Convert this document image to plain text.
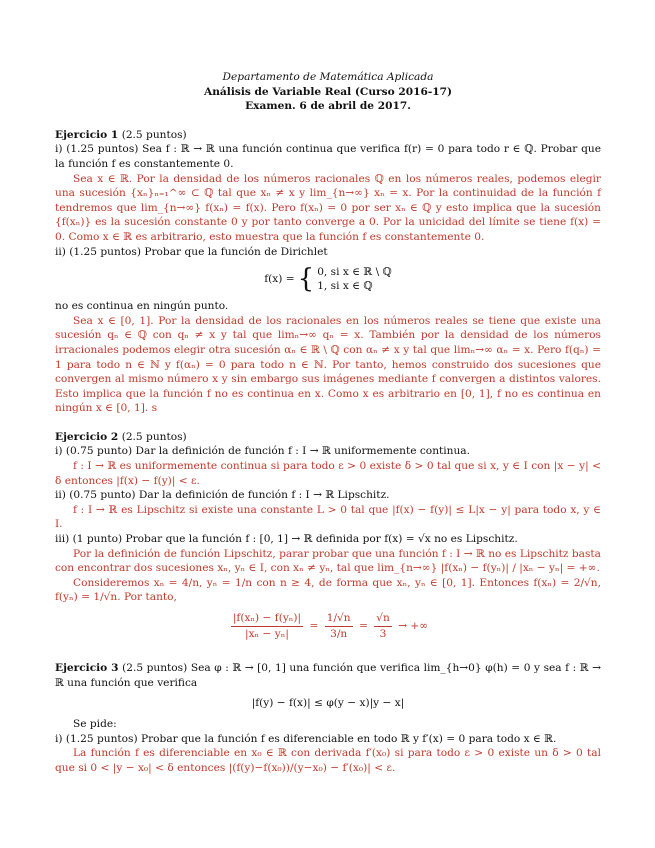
Departamento de Matemática Aplicada
Análisis de Variable Real (Curso 2016-17)
Examen. 6 de abril de 2017.

Ejercicio 1 (2.5 puntos)

i) (1.25 puntos) Sea f : ℝ → ℝ una función continua que verifica f(r) = 0 para todo r ∈ ℚ. Probar que la función f es constantemente 0.

Sea x ∈ ℝ. Por la densidad de los números racionales ℚ en los números reales, podemos elegir una sucesión {xₙ}ₙ₌₁^∞ ⊂ ℚ tal que xₙ ≠ x y lim_{n→∞} xₙ = x. Por la continuidad de la función f tendremos que lim_{n→∞} f(xₙ) = f(x). Pero f(xₙ) = 0 por ser xₙ ∈ ℚ y esto implica que la sucesión {f(xₙ)} es la sucesión constante 0 y por tanto converge a 0. Por la unicidad del límite se tiene f(x) = 0. Como x ∈ ℝ es arbitrario, esto muestra que la función f es constantemente 0.

ii) (1.25 puntos) Probar que la función de Dirichlet

f(x) = { 0, si x ∈ ℝ \ ℚ
1, si x ∈ ℚ

no es continua en ningún punto.

Sea x ∈ [0, 1]. Por la densidad de los racionales en los números reales se tiene que existe una sucesión qₙ ∈ ℚ con qₙ ≠ x y tal que limₙ→∞ qₙ = x. También por la densidad de los números irracionales podemos elegir otra sucesión αₙ ∈ ℝ \ ℚ con αₙ ≠ x y tal que limₙ→∞ αₙ = x. Pero f(qₙ) = 1 para todo n ∈ ℕ y f(αₙ) = 0 para todo n ∈ ℕ. Por tanto, hemos construido dos sucesiones que convergen al mismo número x y sin embargo sus imágenes mediante f convergen a distintos valores. Esto implica que la función f no es continua en x. Como x es arbitrario en [0, 1], f no es continua en ningún x ∈ [0, 1]. s

Ejercicio 2 (2.5 puntos)

i) (0.75 punto) Dar la definición de función f : I → ℝ uniformemente continua.

f : I → ℝ es uniformemente continua si para todo ε > 0 existe δ > 0 tal que si x, y ∈ I con |x − y| < δ entonces |f(x) − f(y)| < ε.

ii) (0.75 punto) Dar la definición de función f : I → ℝ Lipschitz.

f : I → ℝ es Lipschitz si existe una constante L > 0 tal que |f(x) − f(y)| ≤ L|x − y| para todo x, y ∈ I.

iii) (1 punto) Probar que la función f : [0, 1] → ℝ definida por f(x) = √x no es Lipschitz.

Por la definición de función Lipschitz, parar probar que una función f : I → ℝ no es Lipschitz basta con encontrar dos sucesiones xₙ, yₙ ∈ I, con xₙ ≠ yₙ, tal que lim_{n→∞} |f(xₙ) − f(yₙ)| / |xₙ − yₙ| = +∞.

Consideremos xₙ = 4/n, yₙ = 1/n con n ≥ 4, de forma que xₙ, yₙ ∈ [0, 1]. Entonces f(xₙ) = 2/√n, f(yₙ) = 1/√n. Por tanto,

$\frac{\text{|f(xₙ) − f(yₙ)|}}{\text{|xₙ − yₙ|}} = \frac{1/√n}{3/n} = \frac{√n}{3}$ → +∞

Ejercicio 3 (2.5 puntos) Sea φ : ℝ → [0, 1] una función que verifica lim_{h→0} φ(h) = 0 y sea f : ℝ → ℝ una función que verifica

|f(y) − f(x)| ≤ φ(y − x)|y − x|

Se pide:

i) (1.25 puntos) Probar que la función f es diferenciable en todo ℝ y f′(x) = 0 para todo x ∈ ℝ.

La función f es diferenciable en x₀ ∈ ℝ con derivada f′(x₀) si para todo ε > 0 existe un δ > 0 tal que si 0 < |y − x₀| < δ entonces |(f(y)−f(x₀))/(y−x₀) − f′(x₀)| < ε.
